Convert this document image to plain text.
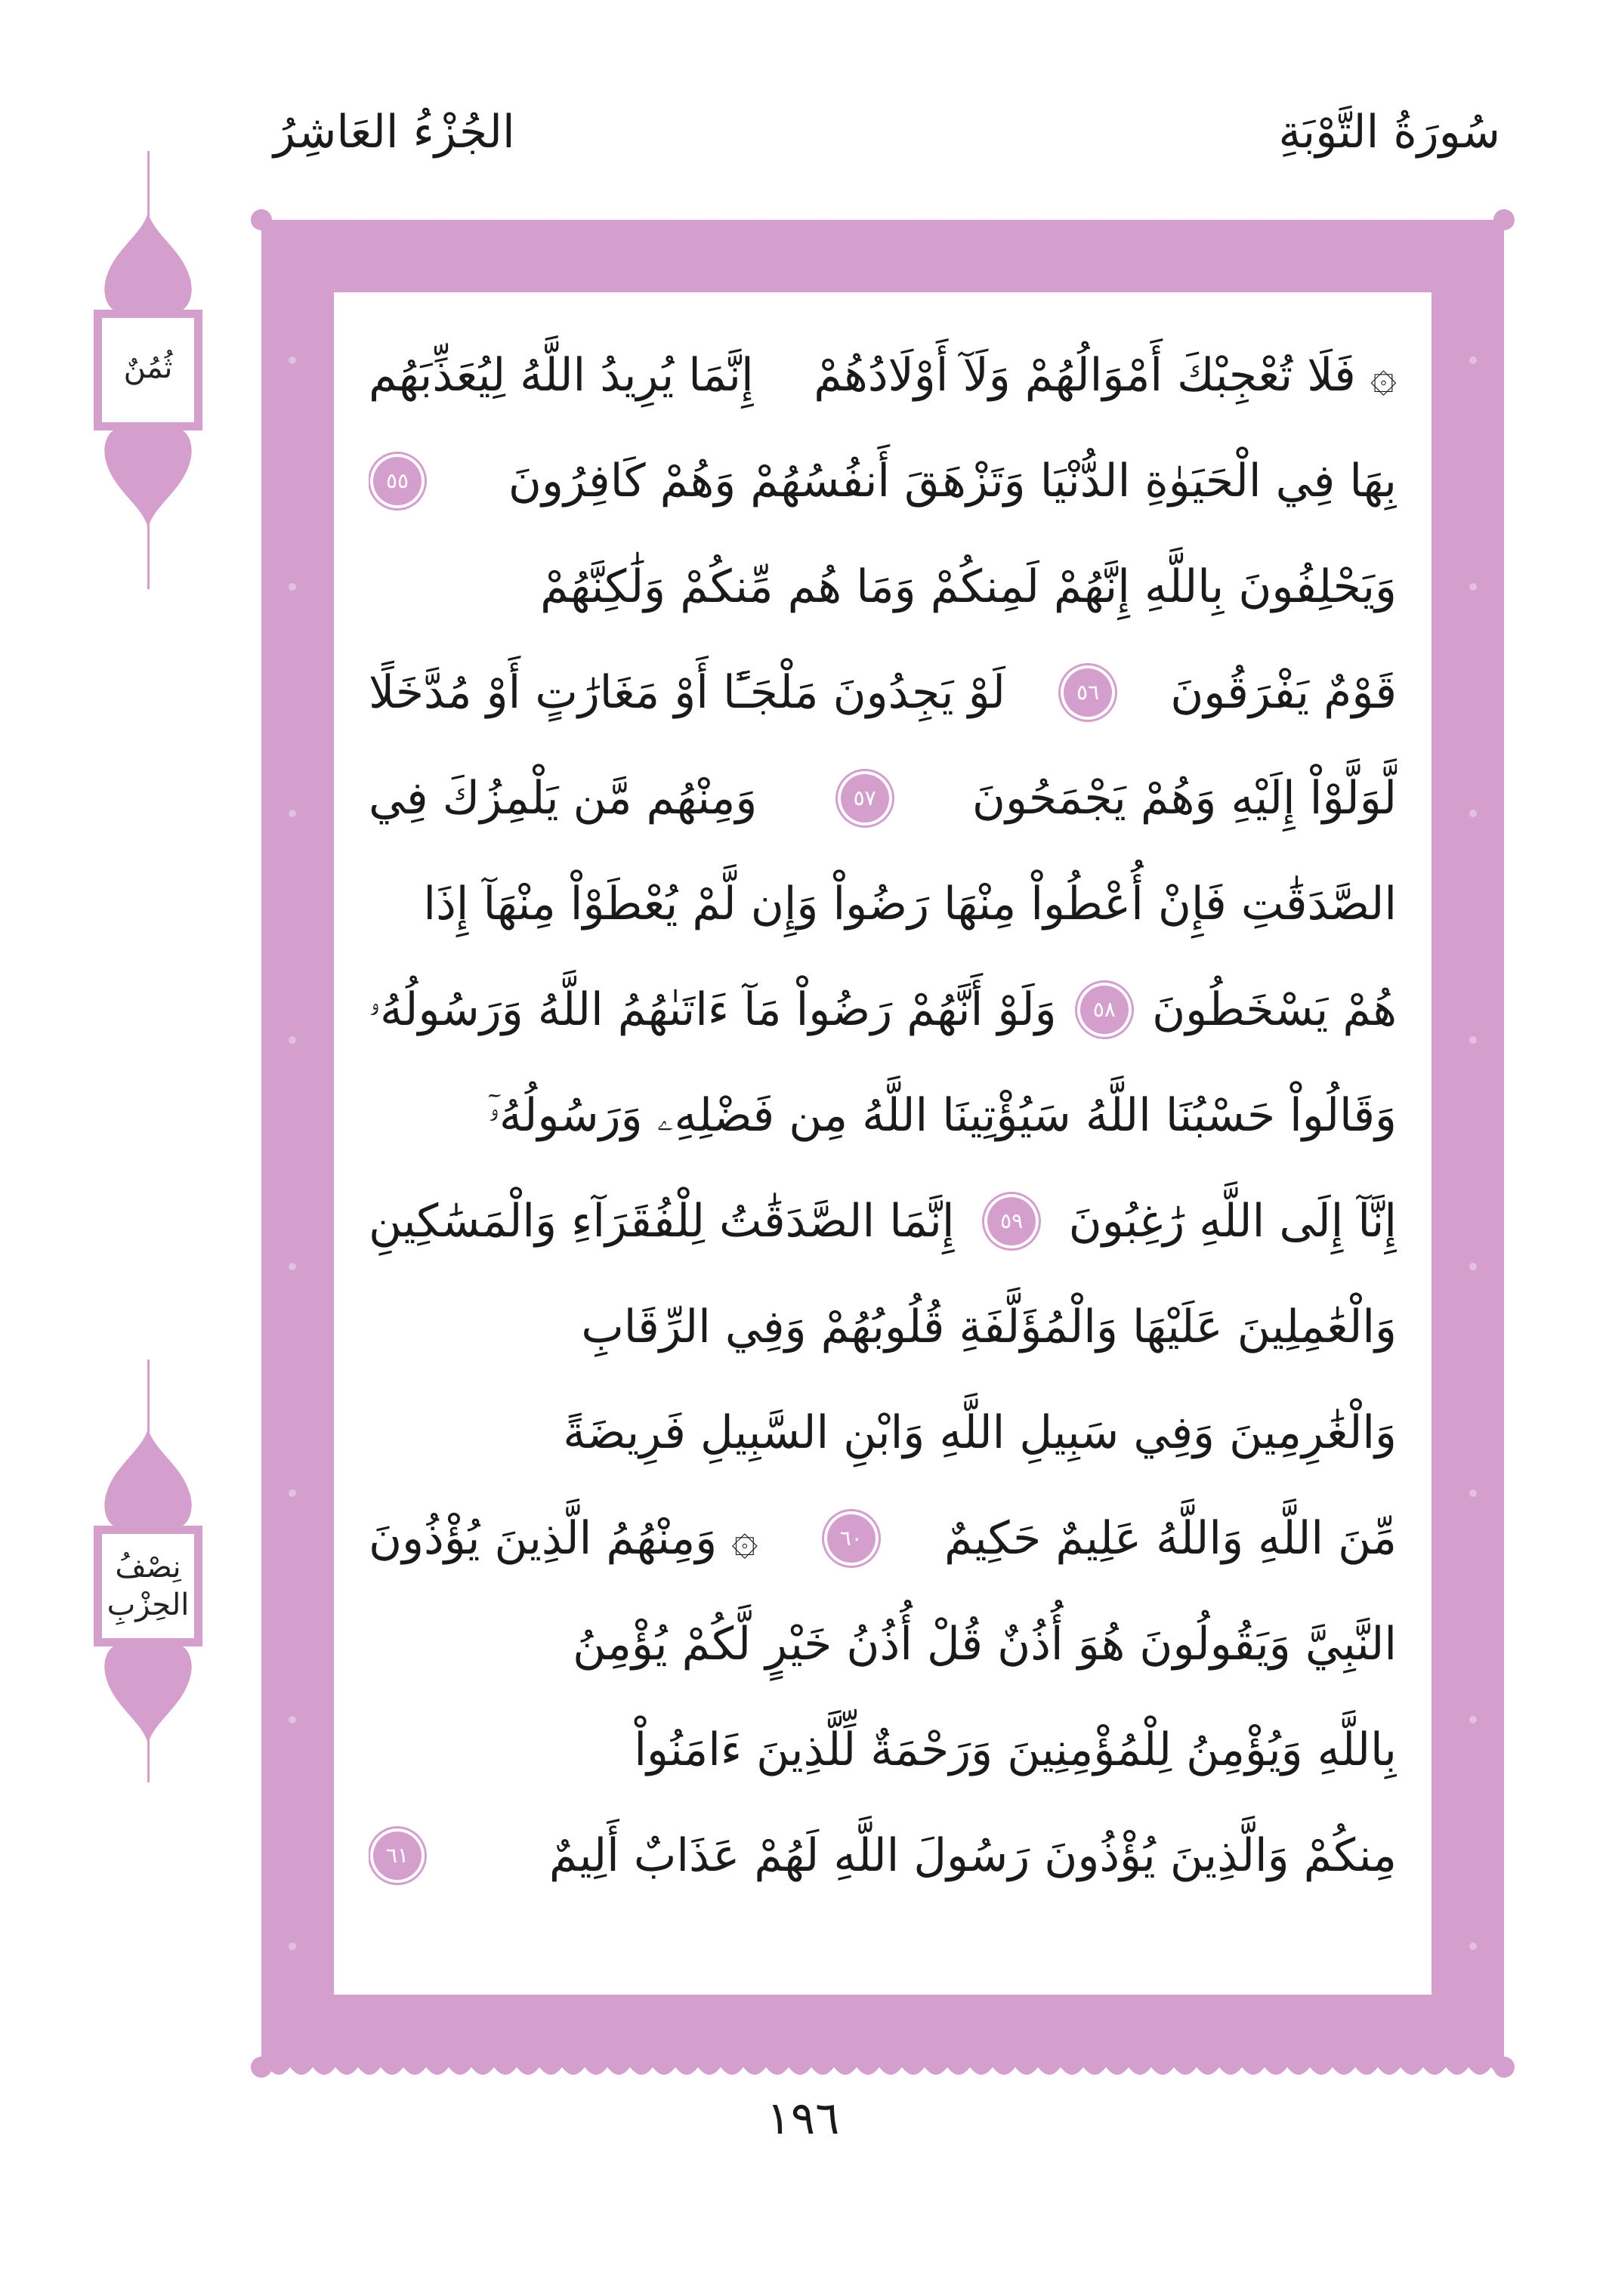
سُورَةُ التَّوْبَةِ
الجُزْءُ العَاشِرُ
ثُمُنٌ
نِصْفُ
الحِزْبِ
۞ فَلَا تُعْجِبْكَ أَمْوَالُهُمْ وَلَآ أَوْلَادُهُمْ
إِنَّمَا يُرِيدُ اللَّهُ لِيُعَذِّبَهُم
بِهَا فِي الْحَيَوٰةِ الدُّنْيَا وَتَزْهَقَ أَنفُسُهُمْ وَهُمْ كَافِرُونَ
٥٥
وَيَحْلِفُونَ بِاللَّهِ إِنَّهُمْ لَمِنكُمْ وَمَا هُم مِّنكُمْ وَلَٰكِنَّهُمْ
قَوْمٌ يَفْرَقُونَ
٥٦
لَوْ يَجِدُونَ مَلْجَـًٔا أَوْ مَغَارَٰتٍ أَوْ مُدَّخَلًا
لَّوَلَّوْاْ إِلَيْهِ وَهُمْ يَجْمَحُونَ
٥٧
وَمِنْهُم مَّن يَلْمِزُكَ فِي
الصَّدَقَٰتِ فَإِنْ أُعْطُواْ مِنْهَا رَضُواْ وَإِن لَّمْ يُعْطَوْاْ مِنْهَآ إِذَا
هُمْ يَسْخَطُونَ
٥٨
وَلَوْ أَنَّهُمْ رَضُواْ مَآ ءَاتَىٰهُمُ اللَّهُ وَرَسُولُهُۥ
وَقَالُواْ حَسْبُنَا اللَّهُ سَيُؤْتِينَا اللَّهُ مِن فَضْلِهِۦ وَرَسُولُهُۥٓ
إِنَّآ إِلَى اللَّهِ رَٰغِبُونَ
٥٩
إِنَّمَا الصَّدَقَٰتُ لِلْفُقَرَآءِ وَالْمَسَٰكِينِ
وَالْعَٰمِلِينَ عَلَيْهَا وَالْمُؤَلَّفَةِ قُلُوبُهُمْ وَفِي الرِّقَابِ
وَالْغَٰرِمِينَ وَفِي سَبِيلِ اللَّهِ وَابْنِ السَّبِيلِ فَرِيضَةً
مِّنَ اللَّهِ وَاللَّهُ عَلِيمٌ حَكِيمٌ
٦٠
۞ وَمِنْهُمُ الَّذِينَ يُؤْذُونَ
النَّبِيَّ وَيَقُولُونَ هُوَ أُذُنٌ قُلْ أُذُنُ خَيْرٍ لَّكُمْ يُؤْمِنُ
بِاللَّهِ وَيُؤْمِنُ لِلْمُؤْمِنِينَ وَرَحْمَةٌ لِّلَّذِينَ ءَامَنُواْ
مِنكُمْ وَالَّذِينَ يُؤْذُونَ رَسُولَ اللَّهِ لَهُمْ عَذَابٌ أَلِيمٌ
٦١
١٩٦
